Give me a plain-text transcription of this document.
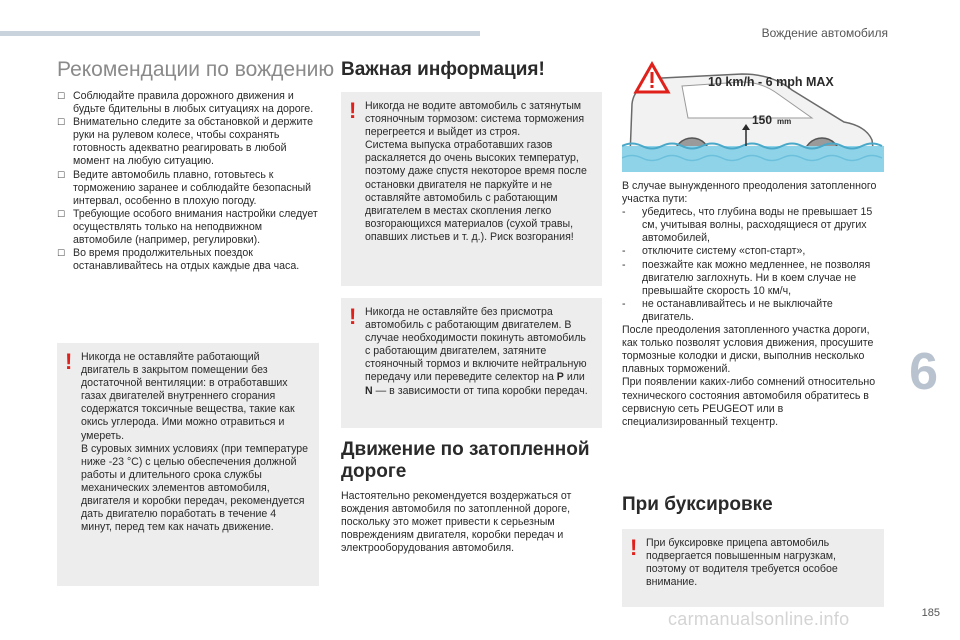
Вождение автомобиля
6
185
carmanualsonline.info
Рекомендации по вождению
☐ Соблюдайте правила дорожного движения и будьте бдительны в любых ситуациях на дороге.
☐ Внимательно следите за обстановкой и держите руки на рулевом колесе, чтобы сохранять готовность адекватно реагировать в любой момент на любую ситуацию.
☐ Ведите автомобиль плавно, готовьтесь к торможению заранее и соблюдайте безопасный интервал, особенно в плохую погоду.
☐ Требующие особого внимания настройки следует осуществлять только на неподвижном автомобиле (например, регулировки).
☐ Во время продолжительных поездок останавливайтесь на отдых каждые два часа.
! Никогда не оставляйте работающий двигатель в закрытом помещении без достаточной вентиляции: в отработавших газах двигателей внутреннего сгорания содержатся токсичные вещества, такие как окись углерода. Ими можно отравиться и умереть.
В суровых зимних условиях (при температуре ниже -23 °C) с целью обеспечения должной работы и длительного срока службы механических элементов автомобиля, двигателя и коробки передач, рекомендуется дать двигателю поработать в течение 4 минут, перед тем как начать движение.

Важная информация!
! Никогда не водите автомобиль с затянутым стояночным тормозом: система торможения перегреется и выйдет из строя.
Система выпуска отработавших газов раскаляется до очень высоких температур, поэтому даже спустя некоторое время после остановки двигателя не паркуйте и не оставляйте автомобиль с работающим двигателем в местах скопления легко возгорающихся материалов (сухой травы, опавших листьев и т. д.). Риск возгорания!

! Никогда не оставляйте без присмотра автомобиль с работающим двигателем. В случае необходимости покинуть автомобиль с работающим двигателем, затяните стояночный тормоз и включите нейтральную передачу или переведите селектор на P или N — в зависимости от типа коробки передач.

Движение по затопленной дороге

Настоятельно рекомендуется воздержаться от вождения автомобиля по затопленной дороге, поскольку это может привести к серьезным повреждениям двигателя, коробки передач и электрооборудования автомобиля.

10 km/h - 6 mph MAX
150 mm

В случае вынужденного преодоления затопленного участка пути:

- убедитесь, что глубина воды не превышает 15 см, учитывая волны, расходящиеся от других автомобилей,
- отключите систему «стоп-старт»,
- поезжайте как можно медленнее, не позволяя двигателю заглохнуть. Ни в коем случае не превышайте скорость 10 км/ч,
- не останавливайтесь и не выключайте двигатель.

После преодоления затопленного участка дороги, как только позволят условия движения, просушите тормозные колодки и диски, выполнив несколько плавных торможений.
При появлении каких-либо сомнений относительно технического состояния автомобиля обратитесь в сервисную сеть PEUGEOT или в специализированный техцентр.

При буксировке
! При буксировке прицепа автомобиль подвергается повышенным нагрузкам, поэтому от водителя требуется особое внимание.
